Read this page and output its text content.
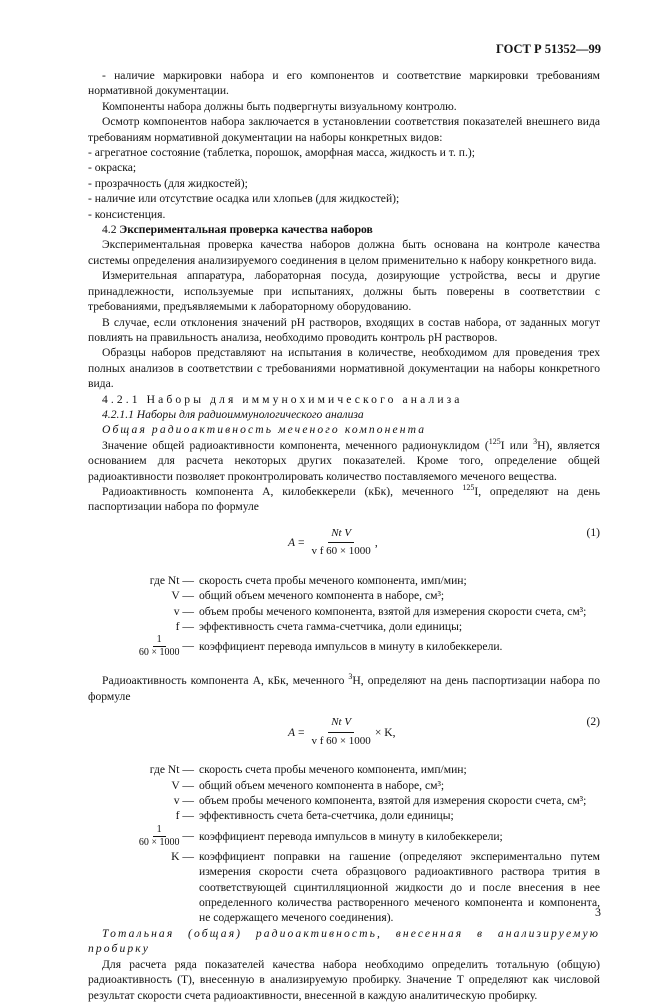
ГОСТ Р 51352—99

- наличие маркировки набора и его компонентов и соответствие маркировки требованиям нормативной документации.

Компоненты набора должны быть подвергнуты визуальному контролю.

Осмотр компонентов набора заключается в установлении соответствия показателей внешнего вида требованиям нормативной документации на наборы конкретных видов:

- агрегатное состояние (таблетка, порошок, аморфная масса, жидкость и т. п.);

- окраска;

- прозрачность (для жидкостей);

- наличие или отсутствие осадка или хлопьев (для жидкостей);

- консистенция.

4.2 Экспериментальная проверка качества наборов

Экспериментальная проверка качества наборов должна быть основана на контроле качества системы определения анализируемого соединения в целом применительно к набору конкретного вида.

Измерительная аппаратура, лабораторная посуда, дозирующие устройства, весы и другие принадлежности, используемые при испытаниях, должны быть поверены в соответствии с требованиями, предъявляемыми к лабораторному оборудованию.

В случае, если отклонения значений рН растворов, входящих в состав набора, от заданных могут повлиять на правильность анализа, необходимо проводить контроль рН растворов.

Образцы наборов представляют на испытания в количестве, необходимом для проведения трех полных анализов в соответствии с требованиями нормативной документации на наборы конкретного вида.

4.2.1 Наборы для иммунохимического анализа

4.2.1.1 Наборы для радиоиммунологического анализа

Общая радиоактивность меченого компонента

Значение общей радиоактивности компонента, меченного радионуклидом ($^{125}$I или $^3$H), является основанием для расчета некоторых других показателей. Кроме того, определение общей радиоактивности позволяет проконтролировать количество поставляемого меченого вещества.

Радиоактивность компонента А, килобеккерели (кБк), меченного $^{125}$I, определяют на день паспортизации набора по формуле

$A = \frac{\text{Nt V}}{\text{v f 60 × 1000}}$ ,
(1)
где Nt — скорость счета пробы меченого компонента, имп/мин;
V — общий объем меченого компонента в наборе, см³;
v — объем пробы меченого компонента, взятой для измерения скорости счета, см³;
f — эффективность счета гамма-счетчика, доли единицы;
$\frac{1}{60 \times 1000}$ — коэффициент перевода импульсов в минуту в килобеккерели.

Радиоактивность компонента А, кБк, меченного $^3$H, определяют на день паспортизации набора по формуле

$A = \frac{\text{Nt V}}{\text{v f 60 × 1000}} \times K$,
(2)
где Nt — скорость счета пробы меченого компонента, имп/мин;
V — общий объем меченого компонента в наборе, см³;
v — объем пробы меченого компонента, взятой для измерения скорости счета, см³;
f — эффективность счета бета-счетчика, доли единицы;
$\frac{1}{60 \times 1000}$ — коэффициент перевода импульсов в минуту в килобеккерели;
K — коэффициент поправки на гашение (определяют экспериментально путем измерения скорости счета образцового радиоактивного раствора трития в соответствующей сцинтилляционной жидкости до и после внесения в нее определенного количества растворенного меченого компонента и компонента, не содержащего меченого соединения).

Тотальная (общая) радиоактивность, внесенная в анализируемую пробирку

Для расчета ряда показателей качества набора необходимо определить тотальную (общую) радиоактивность (Т), внесенную в анализируемую пробирку. Значение Т определяют как числовой результат скорости счета радиоактивности, внесенной в каждую аналитическую пробирку.

3
